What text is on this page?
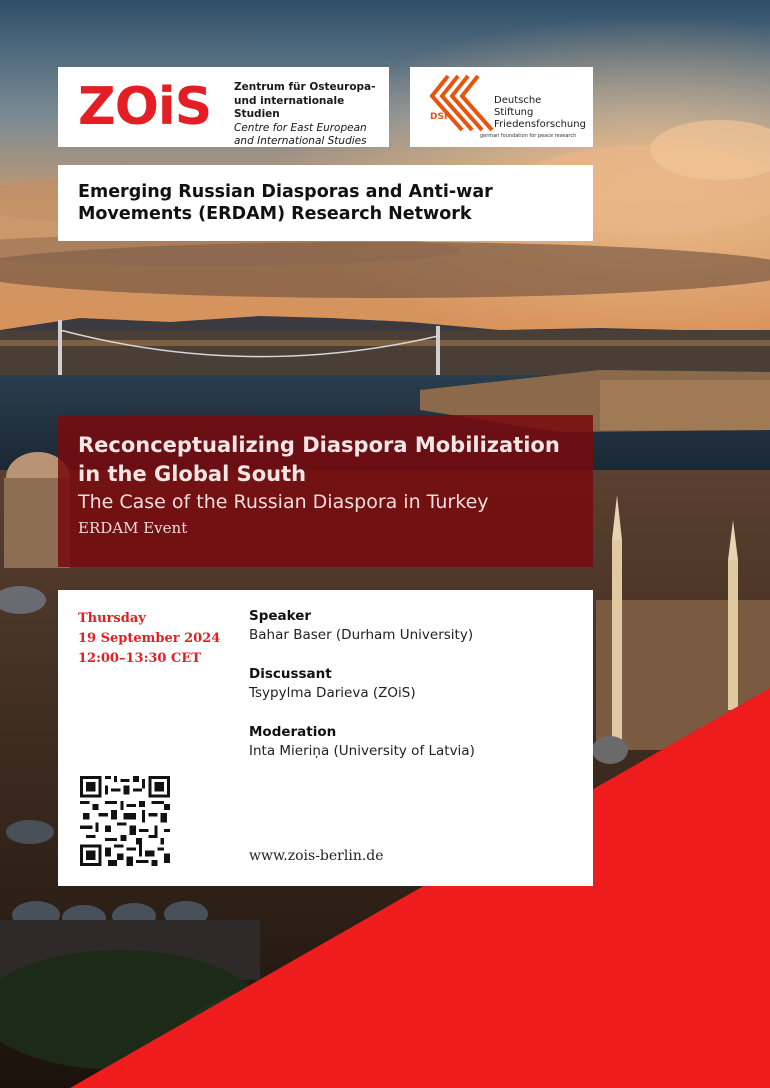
ZOiS Zentrum für Osteuropa-
und internationale Studien
Centre for East European
and International Studies
DSF
Deutsche
Stiftung
Friedensforschung
german foundation for peace research
Emerging Russian Diasporas and Anti-war Movements (ERDAM) Research Network
Reconceptualizing Diaspora Mobilization in the Global South
The Case of the Russian Diaspora in Turkey
ERDAM Event
Thursday
19 September 2024
12:00–13:30 CET
Speaker
Bahar Baser (Durham University)
Discussant
Tsypylma Darieva (ZOiS)
Moderation
Inta Mieriņa (University of Latvia)
www.zois-berlin.de
